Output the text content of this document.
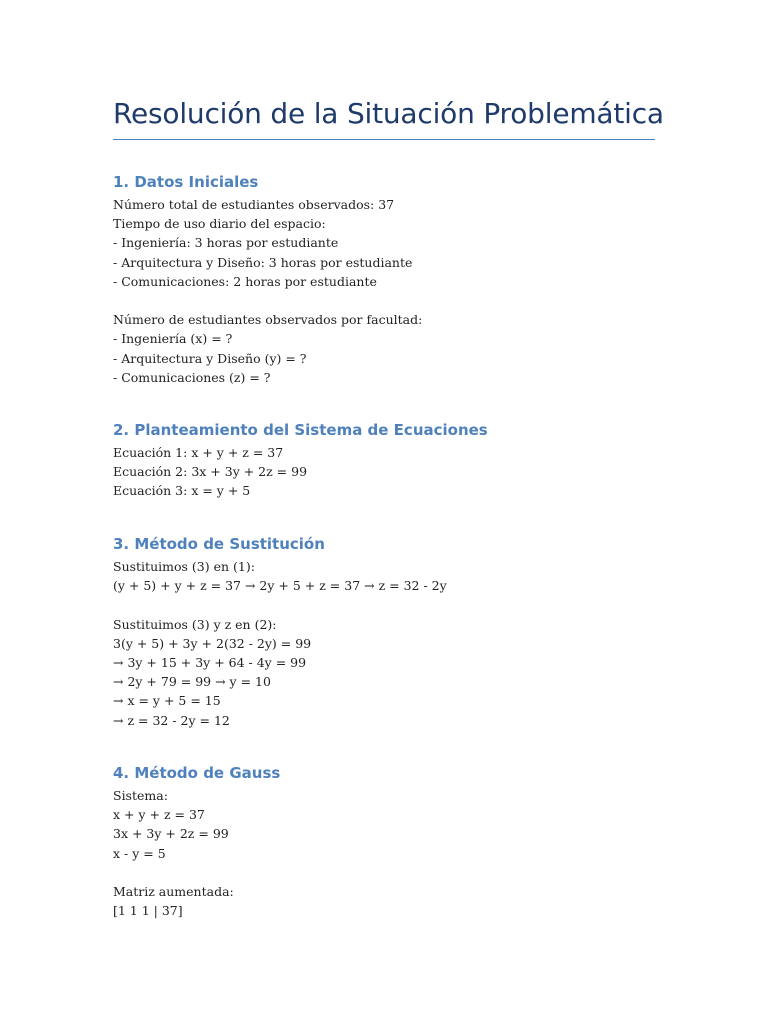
Resolución de la Situación Problemática
1. Datos Iniciales
Número total de estudiantes observados: 37
Tiempo de uso diario del espacio:
- Ingeniería: 3 horas por estudiante
- Arquitectura y Diseño: 3 horas por estudiante
- Comunicaciones: 2 horas por estudiante
Número de estudiantes observados por facultad:
- Ingeniería (x) = ?
- Arquitectura y Diseño (y) = ?
- Comunicaciones (z) = ?
2. Planteamiento del Sistema de Ecuaciones
Ecuación 1: x + y + z = 37
Ecuación 2: 3x + 3y + 2z = 99
Ecuación 3: x = y + 5
3. Método de Sustitución
Sustituimos (3) en (1):
(y + 5) + y + z = 37 → 2y + 5 + z = 37 → z = 32 - 2y
Sustituimos (3) y z en (2):
3(y + 5) + 3y + 2(32 - 2y) = 99
→ 3y + 15 + 3y + 64 - 4y = 99
→ 2y + 79 = 99 → y = 10
→ x = y + 5 = 15
→ z = 32 - 2y = 12
4. Método de Gauss
Sistema:
x + y + z = 37
3x + 3y + 2z = 99
x - y = 5
Matriz aumentada:
[1 1 1 | 37]
